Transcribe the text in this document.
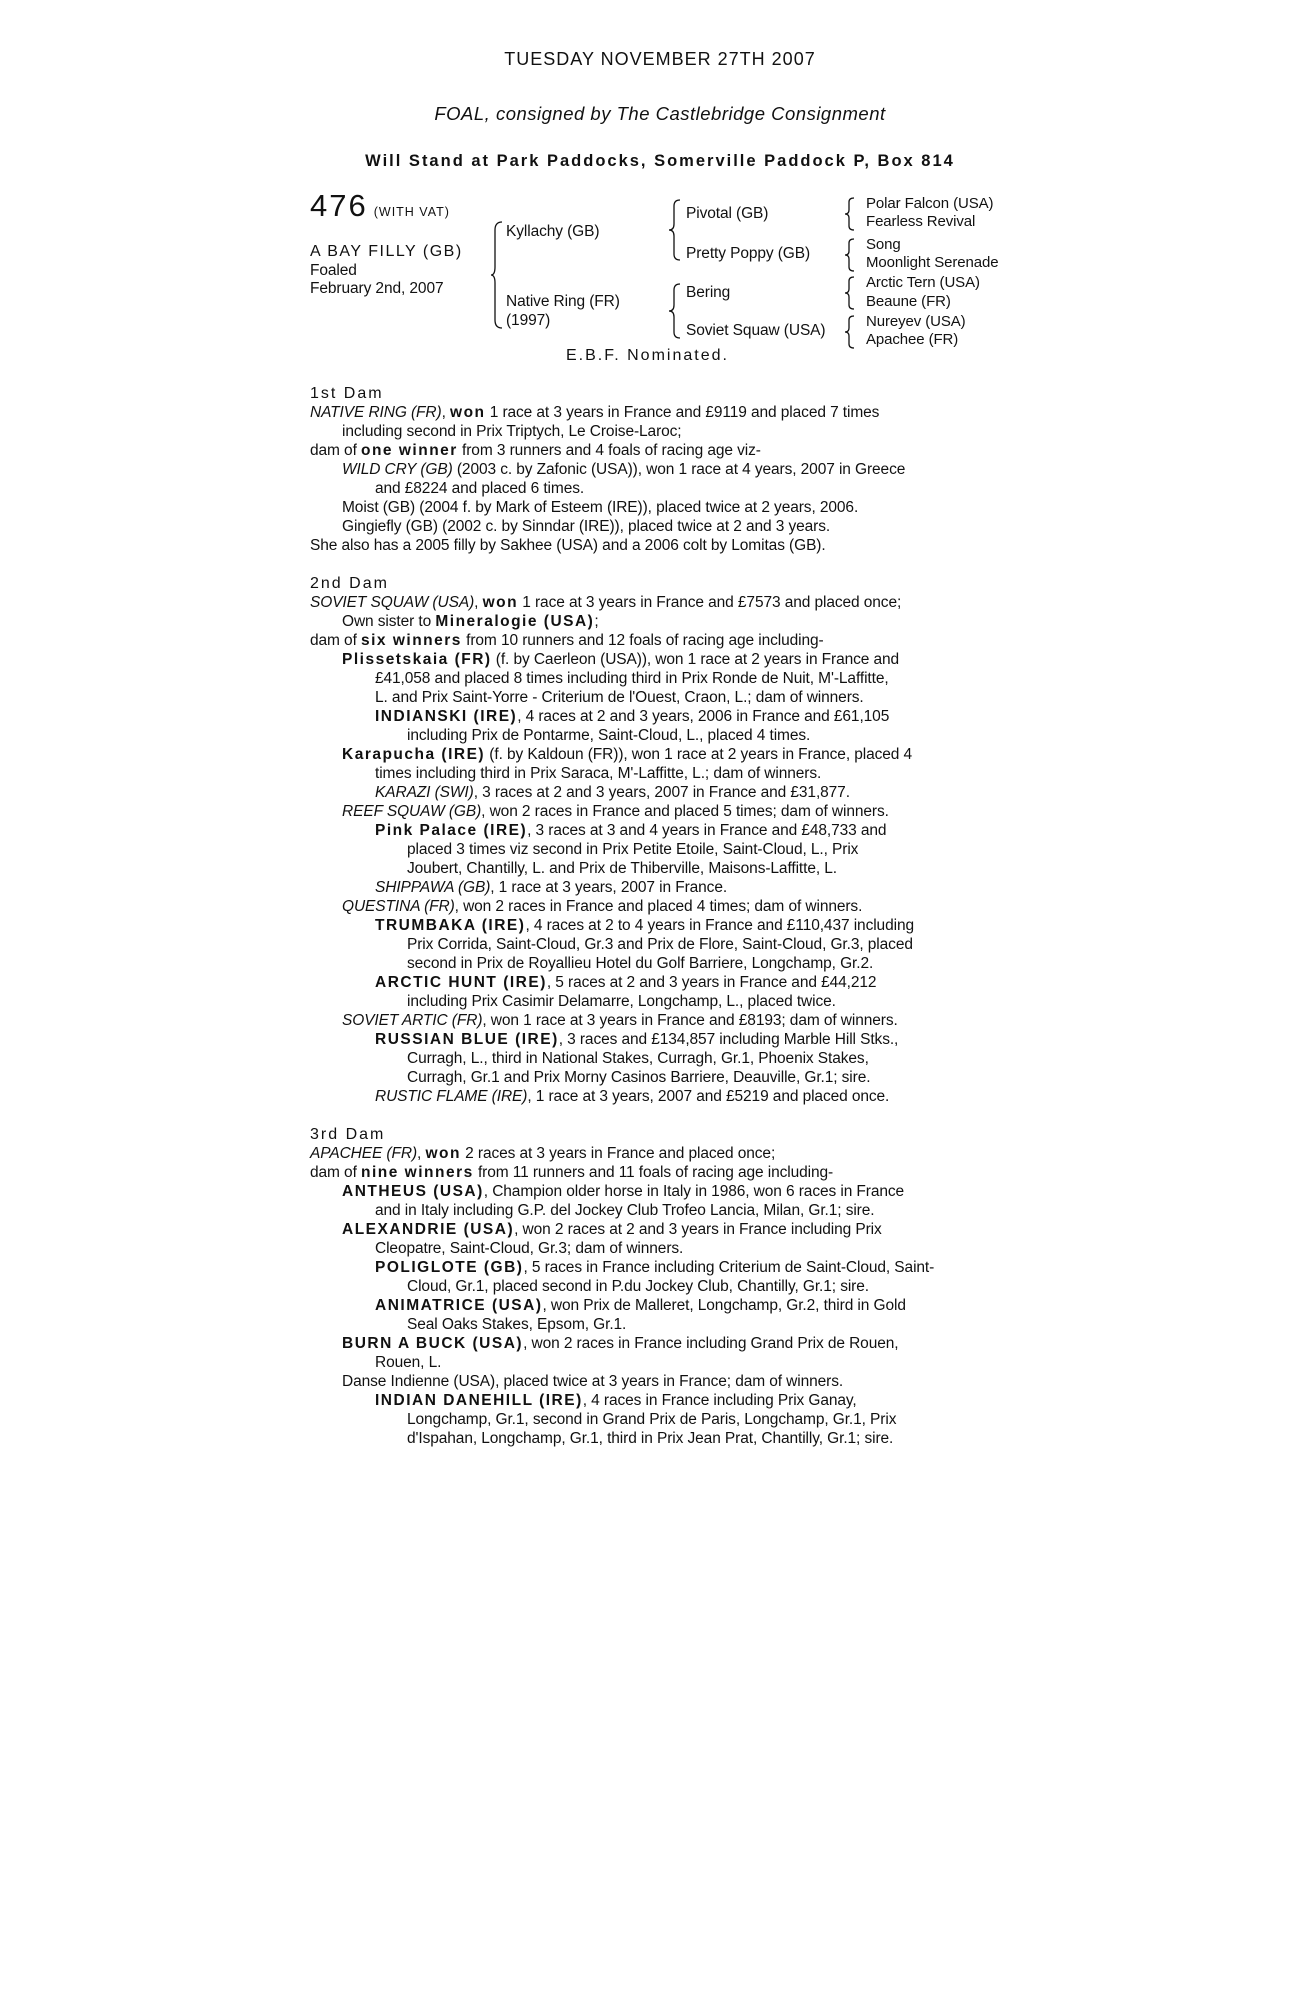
TUESDAY NOVEMBER 27TH 2007
FOAL, consigned by The Castlebridge Consignment
Will Stand at Park Paddocks, Somerville Paddock P, Box 814
476 (WITH VAT)
A BAY FILLY (GB)
Foaled
February 2nd, 2007
Kyllachy (GB)
Native Ring (FR)
(1997)
Pivotal (GB)
Pretty Poppy (GB)
Bering
Soviet Squaw (USA)
Polar Falcon (USA)
Fearless Revival
Song
Moonlight Serenade
Arctic Tern (USA)
Beaune (FR)
Nureyev (USA)
Apachee (FR)
E.B.F. Nominated.
1st Dam
NATIVE RING (FR), won 1 race at 3 years in France and £9119 and placed 7 times
including second in Prix Triptych, Le Croise-Laroc;
dam of one winner from 3 runners and 4 foals of racing age viz-
WILD CRY (GB) (2003 c. by Zafonic (USA)), won 1 race at 4 years, 2007 in Greece
and £8224 and placed 6 times.
Moist (GB) (2004 f. by Mark of Esteem (IRE)), placed twice at 2 years, 2006.
Gingiefly (GB) (2002 c. by Sinndar (IRE)), placed twice at 2 and 3 years.
She also has a 2005 filly by Sakhee (USA) and a 2006 colt by Lomitas (GB).
2nd Dam
SOVIET SQUAW (USA), won 1 race at 3 years in France and £7573 and placed once;
Own sister to Mineralogie (USA);
dam of six winners from 10 runners and 12 foals of racing age including-
Plissetskaia (FR) (f. by Caerleon (USA)), won 1 race at 2 years in France and
£41,058 and placed 8 times including third in Prix Ronde de Nuit, M'-Laffitte,
L. and Prix Saint-Yorre - Criterium de l'Ouest, Craon, L.; dam of winners.
INDIANSKI (IRE), 4 races at 2 and 3 years, 2006 in France and £61,105
including Prix de Pontarme, Saint-Cloud, L., placed 4 times.
Karapucha (IRE) (f. by Kaldoun (FR)), won 1 race at 2 years in France, placed 4
times including third in Prix Saraca, M'-Laffitte, L.; dam of winners.
KARAZI (SWI), 3 races at 2 and 3 years, 2007 in France and £31,877.
REEF SQUAW (GB), won 2 races in France and placed 5 times; dam of winners.
Pink Palace (IRE), 3 races at 3 and 4 years in France and £48,733 and
placed 3 times viz second in Prix Petite Etoile, Saint-Cloud, L., Prix
Joubert, Chantilly, L. and Prix de Thiberville, Maisons-Laffitte, L.
SHIPPAWA (GB), 1 race at 3 years, 2007 in France.
QUESTINA (FR), won 2 races in France and placed 4 times; dam of winners.
TRUMBAKA (IRE), 4 races at 2 to 4 years in France and £110,437 including
Prix Corrida, Saint-Cloud, Gr.3 and Prix de Flore, Saint-Cloud, Gr.3, placed
second in Prix de Royallieu Hotel du Golf Barriere, Longchamp, Gr.2.
ARCTIC HUNT (IRE), 5 races at 2 and 3 years in France and £44,212
including Prix Casimir Delamarre, Longchamp, L., placed twice.
SOVIET ARTIC (FR), won 1 race at 3 years in France and £8193; dam of winners.
RUSSIAN BLUE (IRE), 3 races and £134,857 including Marble Hill Stks.,
Curragh, L., third in National Stakes, Curragh, Gr.1, Phoenix Stakes,
Curragh, Gr.1 and Prix Morny Casinos Barriere, Deauville, Gr.1; sire.
RUSTIC FLAME (IRE), 1 race at 3 years, 2007 and £5219 and placed once.
3rd Dam
APACHEE (FR), won 2 races at 3 years in France and placed once;
dam of nine winners from 11 runners and 11 foals of racing age including-
ANTHEUS (USA), Champion older horse in Italy in 1986, won 6 races in France
and in Italy including G.P. del Jockey Club Trofeo Lancia, Milan, Gr.1; sire.
ALEXANDRIE (USA), won 2 races at 2 and 3 years in France including Prix
Cleopatre, Saint-Cloud, Gr.3; dam of winners.
POLIGLOTE (GB), 5 races in France including Criterium de Saint-Cloud, Saint-
Cloud, Gr.1, placed second in P.du Jockey Club, Chantilly, Gr.1; sire.
ANIMATRICE (USA), won Prix de Malleret, Longchamp, Gr.2, third in Gold
Seal Oaks Stakes, Epsom, Gr.1.
BURN A BUCK (USA), won 2 races in France including Grand Prix de Rouen,
Rouen, L.
Danse Indienne (USA), placed twice at 3 years in France; dam of winners.
INDIAN DANEHILL (IRE), 4 races in France including Prix Ganay,
Longchamp, Gr.1, second in Grand Prix de Paris, Longchamp, Gr.1, Prix
d'Ispahan, Longchamp, Gr.1, third in Prix Jean Prat, Chantilly, Gr.1; sire.
